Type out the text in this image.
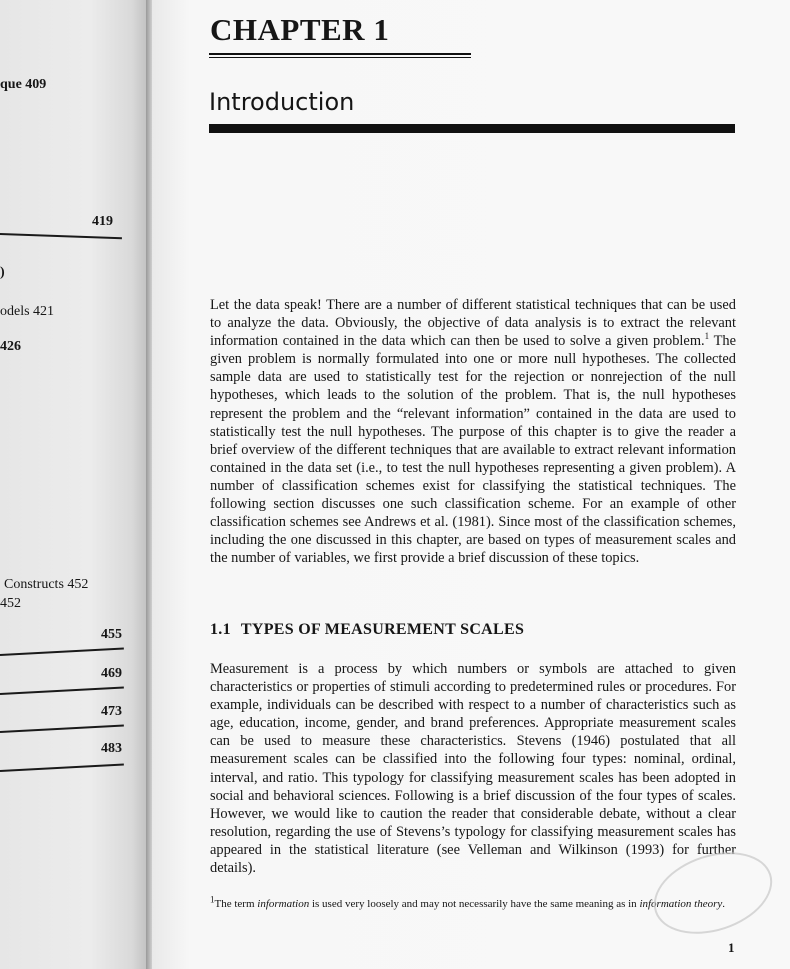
que 409
419
)
odels 421
426
Constructs 452
452
455
469
473
483
CHAPTER 1
Introduction

Let the data speak! There are a number of different statistical techniques that can be used to analyze the data. Obviously, the objective of data analysis is to extract the relevant information contained in the data which can then be used to solve a given problem.$^1$ The given problem is normally formulated into one or more null hypotheses. The collected sample data are used to statistically test for the rejection or nonrejection of the null hypotheses, which leads to the solution of the problem. That is, the null hypotheses represent the problem and the “relevant information” contained in the data are used to statistically test the null hypotheses. The purpose of this chapter is to give the reader a brief overview of the different techniques that are available to extract relevant information contained in the data set (i.e., to test the null hypotheses representing a given problem). A number of classification schemes exist for classifying the statistical techniques. The following section discusses one such classification scheme. For an example of other classification schemes see Andrews et al. (1981). Since most of the classification schemes, including the one discussed in this chapter, are based on types of measurement scales and the number of variables, we first provide a brief discussion of these topics.

1.1 TYPES OF MEASUREMENT SCALES

Measurement is a process by which numbers or symbols are attached to given characteristics or properties of stimuli according to predetermined rules or procedures. For example, individuals can be described with respect to a number of characteristics such as age, education, income, gender, and brand preferences. Appropriate measurement scales can be used to measure these characteristics. Stevens (1946) postulated that all measurement scales can be classified into the following four types: nominal, ordinal, interval, and ratio. This typology for classifying measurement scales has been adopted in social and behavioral sciences. Following is a brief discussion of the four types of scales. However, we would like to caution the reader that considerable debate, without a clear resolution, regarding the use of Stevens’s typology for classifying measurement scales has appeared in the statistical literature (see Velleman and Wilkinson (1993) for further details).

$^1$The term information is used very loosely and may not necessarily have the same meaning as in information theory.
1
